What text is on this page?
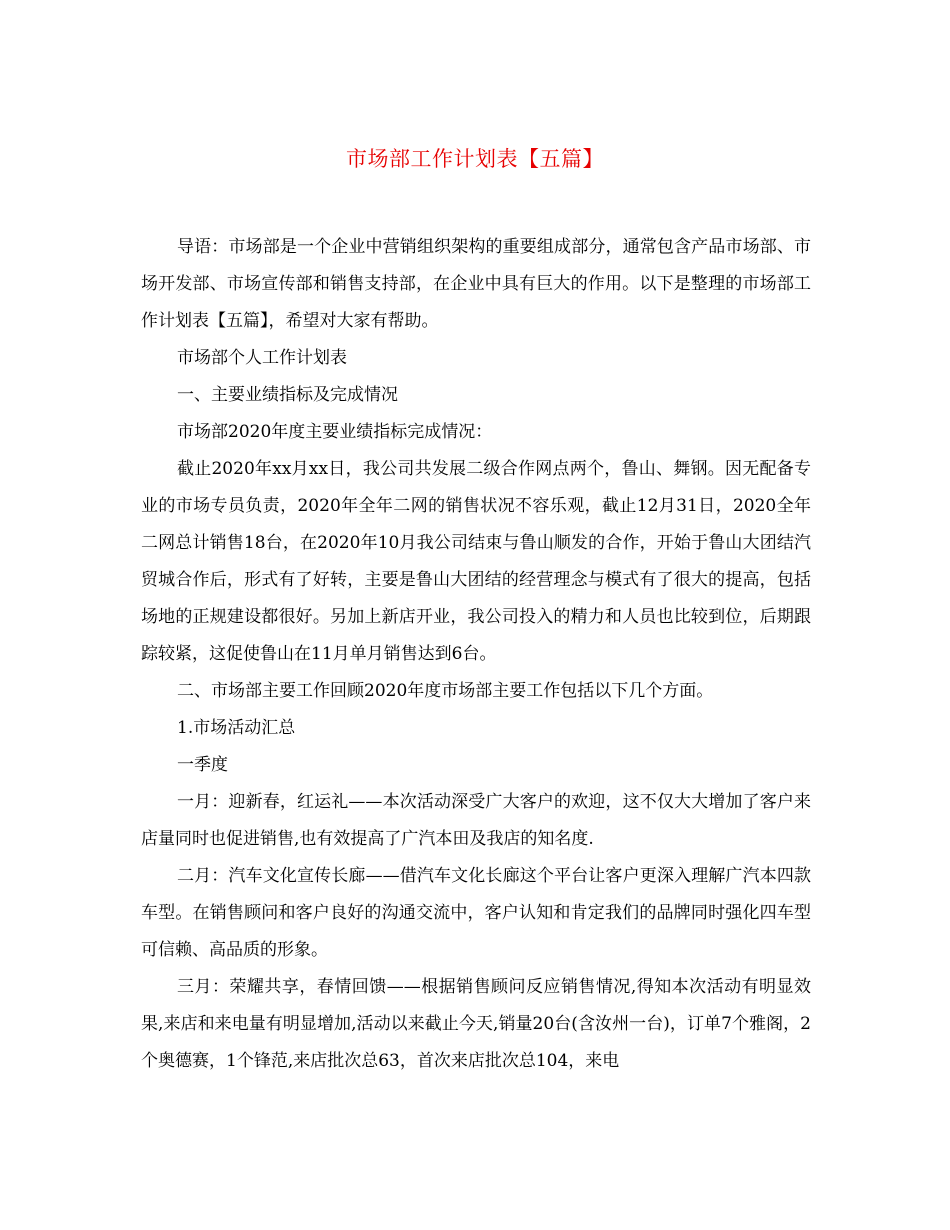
市场部工作计划表【五篇】

导语：市场部是一个企业中营销组织架构的重要组成部分，通常包含产品市场部、市场开发部、市场宣传部和销售支持部，在企业中具有巨大的作用。以下是整理的市场部工作计划表【五篇】，希望对大家有帮助。

市场部个人工作计划表

一、主要业绩指标及完成情况

市场部2020年度主要业绩指标完成情况：

截止2020年xx月xx日，我公司共发展二级合作网点两个，鲁山、舞钢。因无配备专业的市场专员负责，2020年全年二网的销售状况不容乐观，截止12月31日，2020全年二网总计销售18台，在2020年10月我公司结束与鲁山顺发的合作，开始于鲁山大团结汽贸城合作后，形式有了好转，主要是鲁山大团结的经营理念与模式有了很大的提高，包括场地的正规建设都很好。另加上新店开业，我公司投入的精力和人员也比较到位，后期跟踪较紧，这促使鲁山在11月单月销售达到6台。

二、市场部主要工作回顾2020年度市场部主要工作包括以下几个方面。

1.市场活动汇总

一季度

一月：迎新春，红运礼——本次活动深受广大客户的欢迎，这不仅大大增加了客户来店量同时也促进销售,也有效提高了广汽本田及我店的知名度.

二月：汽车文化宣传长廊——借汽车文化长廊这个平台让客户更深入理解广汽本四款车型。在销售顾问和客户良好的沟通交流中，客户认知和肯定我们的品牌同时强化四车型可信赖、高品质的形象。

三月：荣耀共享，春情回馈——根据销售顾问反应销售情况,得知本次活动有明显效果,来店和来电量有明显增加,活动以来截止今天,销量20台(含汝州一台)，订单7个雅阁，2个奥德赛，1个锋范,来店批次总63，首次来店批次总104，来电
